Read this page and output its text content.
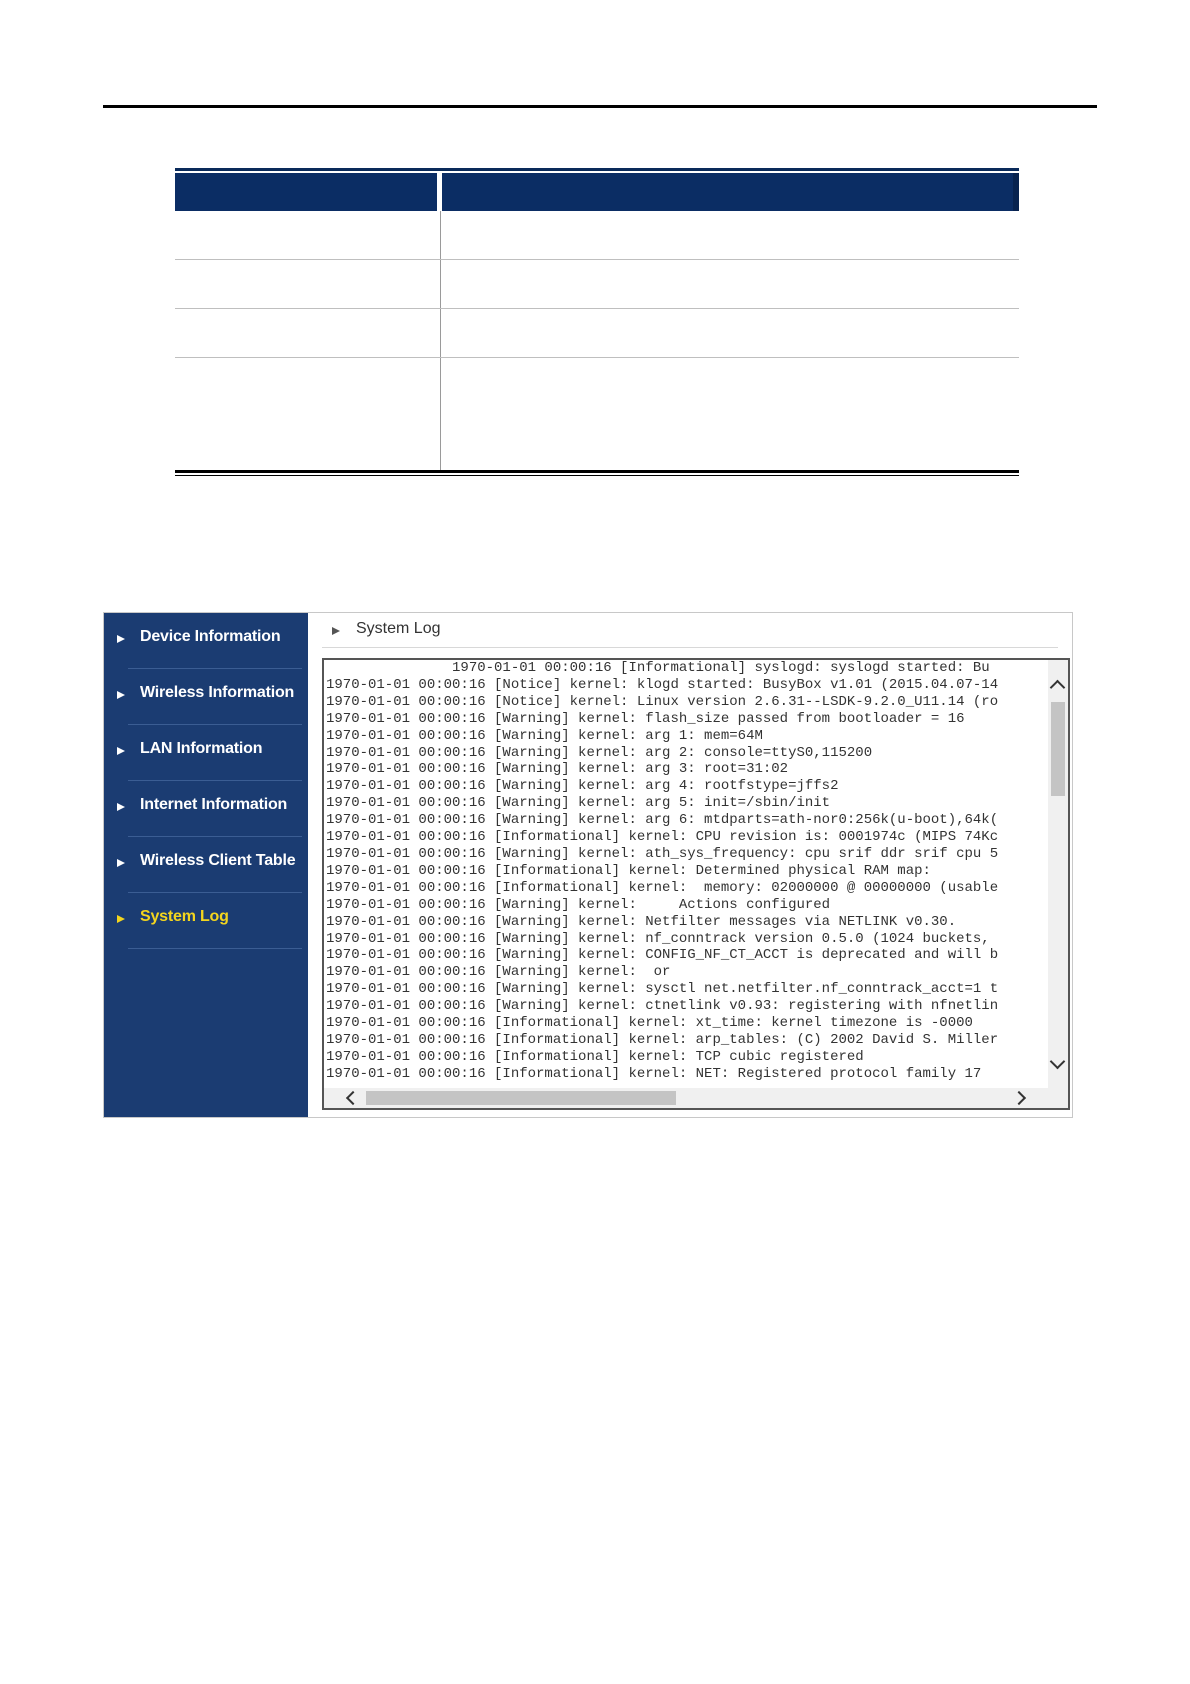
Device Information
Wireless Information
LAN Information
Internet Information
Wireless Client Table
System Log
System Log
1970-01-01 00:00:16 [Informational] syslogd: syslogd started: Bu
1970-01-01 00:00:16 [Notice] kernel: klogd started: BusyBox v1.01 (2015.04.07-14
1970-01-01 00:00:16 [Notice] kernel: Linux version 2.6.31--LSDK-9.2.0_U11.14 (ro
1970-01-01 00:00:16 [Warning] kernel: flash_size passed from bootloader = 16
1970-01-01 00:00:16 [Warning] kernel: arg 1: mem=64M
1970-01-01 00:00:16 [Warning] kernel: arg 2: console=ttyS0,115200
1970-01-01 00:00:16 [Warning] kernel: arg 3: root=31:02
1970-01-01 00:00:16 [Warning] kernel: arg 4: rootfstype=jffs2
1970-01-01 00:00:16 [Warning] kernel: arg 5: init=/sbin/init
1970-01-01 00:00:16 [Warning] kernel: arg 6: mtdparts=ath-nor0:256k(u-boot),64k(
1970-01-01 00:00:16 [Informational] kernel: CPU revision is: 0001974c (MIPS 74Kc
1970-01-01 00:00:16 [Warning] kernel: ath_sys_frequency: cpu srif ddr srif cpu 5
1970-01-01 00:00:16 [Informational] kernel: Determined physical RAM map:
1970-01-01 00:00:16 [Informational] kernel:  memory: 02000000 @ 00000000 (usable
1970-01-01 00:00:16 [Warning] kernel:     Actions configured
1970-01-01 00:00:16 [Warning] kernel: Netfilter messages via NETLINK v0.30.
1970-01-01 00:00:16 [Warning] kernel: nf_conntrack version 0.5.0 (1024 buckets,
1970-01-01 00:00:16 [Warning] kernel: CONFIG_NF_CT_ACCT is deprecated and will b
1970-01-01 00:00:16 [Warning] kernel:  or
1970-01-01 00:00:16 [Warning] kernel: sysctl net.netfilter.nf_conntrack_acct=1 t
1970-01-01 00:00:16 [Warning] kernel: ctnetlink v0.93: registering with nfnetlin
1970-01-01 00:00:16 [Informational] kernel: xt_time: kernel timezone is -0000
1970-01-01 00:00:16 [Informational] kernel: arp_tables: (C) 2002 David S. Miller
1970-01-01 00:00:16 [Informational] kernel: TCP cubic registered
1970-01-01 00:00:16 [Informational] kernel: NET: Registered protocol family 17
